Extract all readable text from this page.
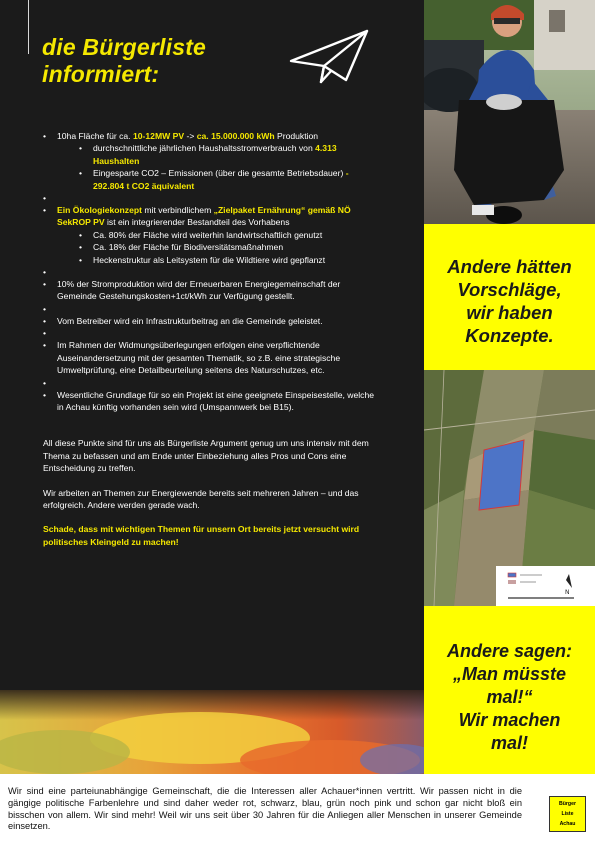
die Bürgerliste
informiert:
• 10ha Fläche für ca. 10-12MW PV -> ca. 15.000.000 kWh Produktion
• durchschnittliche jährlichen Haushaltsstromverbrauch von 4.313 Haushalten
• Eingesparte CO2 – Emissionen (über die gesamte Betriebsdauer) - 292.804 t CO2 äquivalent
•
• Ein Ökologiekonzept mit verbindlichem „Zielpaket Ernährung“ gemäß NÖ SekROP PV ist ein integrierender Bestandteil des Vorhabens
• Ca. 80% der Fläche wird weiterhin landwirtschaftlich genutzt
• Ca. 18% der Fläche für Biodiversitätsmaßnahmen
• Heckenstruktur als Leitsystem für die Wildtiere wird gepflanzt
•
• 10% der Stromproduktion wird der Erneuerbaren Energiegemeinschaft der Gemeinde Gestehungskosten+1ct/kWh zur Verfügung gestellt.
•
• Vom Betreiber wird ein Infrastrukturbeitrag an die Gemeinde geleistet.
•
• Im Rahmen der Widmungsüberlegungen erfolgen eine verpflichtende Auseinandersetzung mit der gesamten Thematik, so z.B. eine strategische Umweltprüfung, eine Detailbeurteilung seitens des Naturschutzes, etc.
•
• Wesentliche Grundlage für so ein Projekt ist eine geeignete Einspeisestelle, welche in Achau künftig vorhanden sein wird (Umspannwerk bei B15).

All diese Punkte sind für uns als Bürgerliste Argument genug um uns intensiv mit dem Thema zu befassen und am Ende unter Einbeziehung alles Pros und Cons eine Entscheidung zu treffen.

Wir arbeiten an Themen zur Energiewende bereits seit mehreren Jahren – und das erfolgreich. Andere werden gerade wach.

Schade, dass mit wichtigen Themen für unsern Ort bereits jetzt versucht wird politisches Kleingeld zu machen!

Andere hätten
Vorschläge,
wir haben
Konzepte.
N
Andere sagen:
„Man müsste
mal!“
Wir machen
mal!
Wir sind eine parteiunabhängige Gemeinschaft, die die Interessen aller Achauer*innen vertritt. Wir passen nicht in die gängige politische Farbenlehre und sind daher weder rot, schwarz, blau, grün noch pink und schon gar nicht bloß ein bisschen von allem. Wir sind mehr! Weil wir uns seit über 30 Jahren für die Anliegen aller Menschen in unserer Gemeinde einsetzen.
Bürger
Liste
Achau
